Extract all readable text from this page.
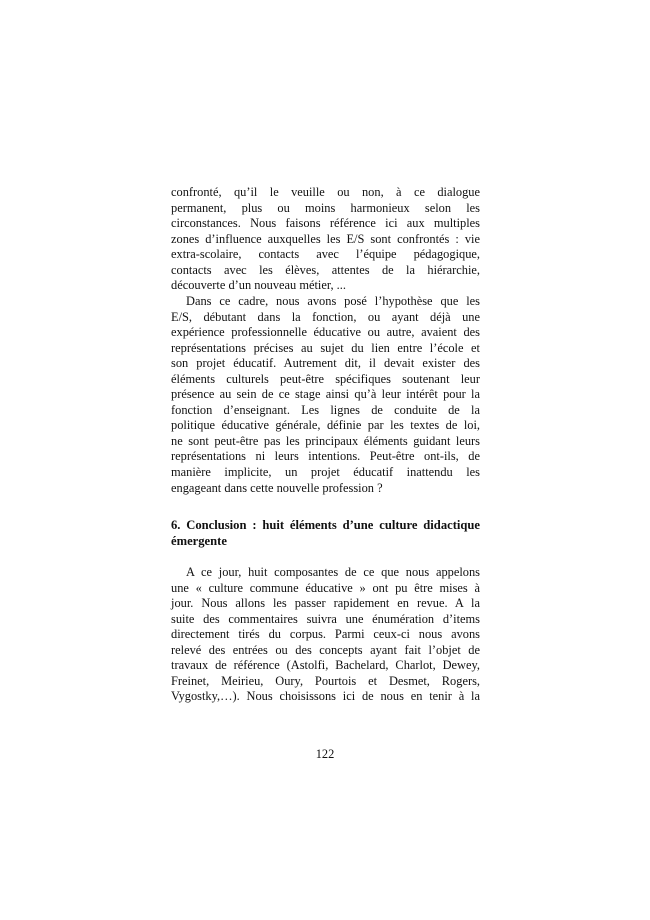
confronté, qu’il le veuille ou non, à ce dialogue
permanent, plus ou moins harmonieux selon les
circonstances. Nous faisons référence ici aux multiples
zones d’influence auxquelles les E/S sont confrontés : vie
extra-scolaire, contacts avec l’équipe pédagogique,
contacts avec les élèves, attentes de la hiérarchie,
découverte d’un nouveau métier, ...

Dans ce cadre, nous avons posé l’hypothèse que les
E/S, débutant dans la fonction, ou ayant déjà une
expérience professionnelle éducative ou autre, avaient des
représentations précises au sujet du lien entre l’école et
son projet éducatif. Autrement dit, il devait exister des
éléments culturels peut-être spécifiques soutenant leur
présence au sein de ce stage ainsi qu’à leur intérêt pour la
fonction d’enseignant. Les lignes de conduite de la
politique éducative générale, définie par les textes de loi,
ne sont peut-être pas les principaux éléments guidant leurs
représentations ni leurs intentions. Peut-être ont-ils, de
manière implicite, un projet éducatif inattendu les
engageant dans cette nouvelle profession ?

6. Conclusion : huit éléments d’une culture didactique
émergente

A ce jour, huit composantes de ce que nous appelons
une « culture commune éducative » ont pu être mises à
jour. Nous allons les passer rapidement en revue. A la
suite des commentaires suivra une énumération d’items
directement tirés du corpus. Parmi ceux-ci nous avons
relevé des entrées ou des concepts ayant fait l’objet de
travaux de référence (Astolfi, Bachelard, Charlot, Dewey,
Freinet, Meirieu, Oury, Pourtois et Desmet, Rogers,
Vygostky,…). Nous choisissons ici de nous en tenir à la

122
